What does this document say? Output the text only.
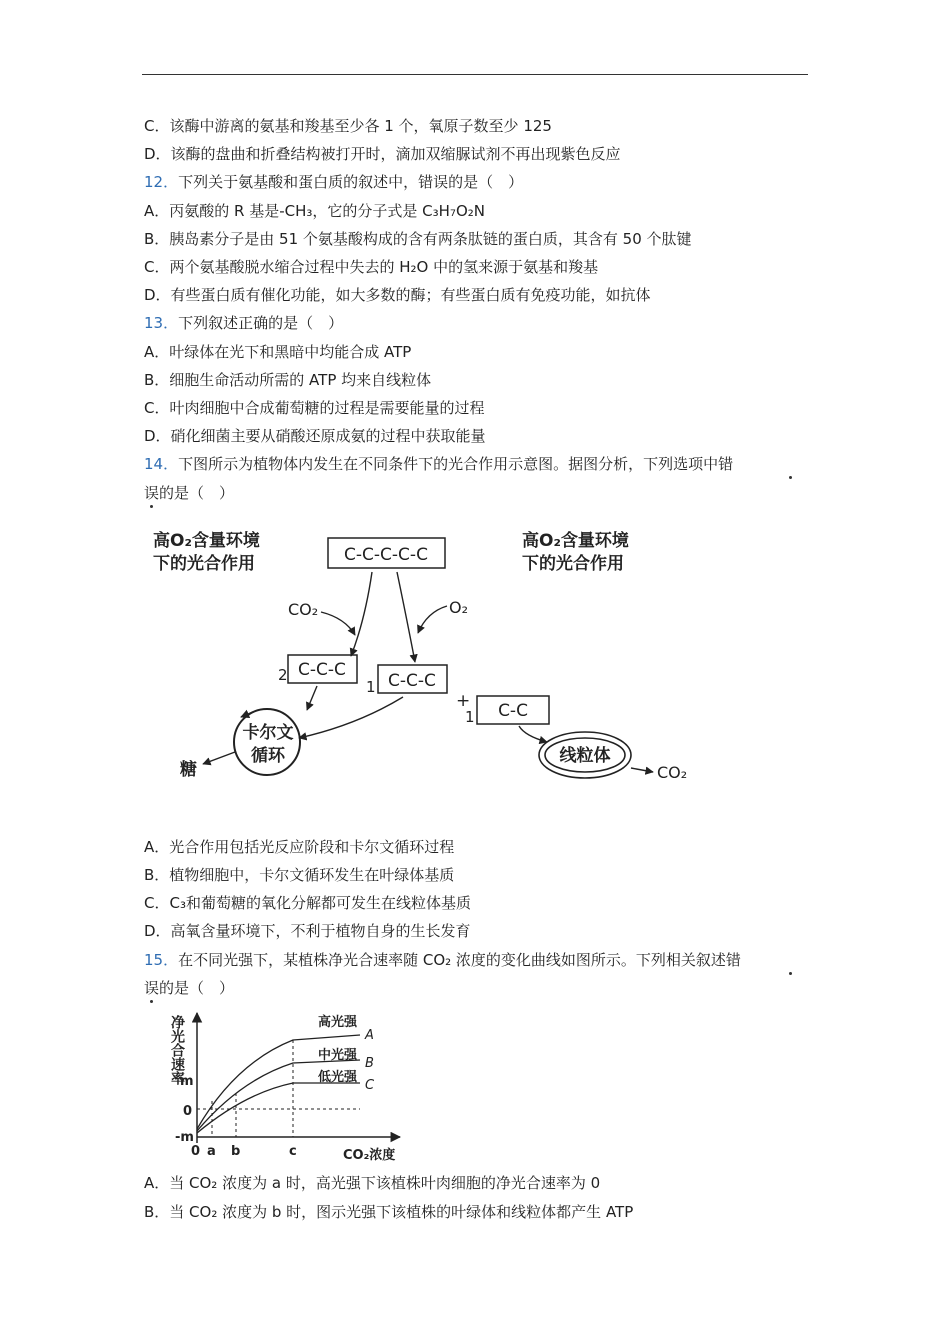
C．该酶中游离的氨基和羧基至少各 1 个，氧原子数至少 125
D．该酶的盘曲和折叠结构被打开时，滴加双缩脲试剂不再出现紫色反应
12．下列关于氨基酸和蛋白质的叙述中，错误的是（　）
A．丙氨酸的 R 基是-CH₃，它的分子式是 C₃H₇O₂N
B．胰岛素分子是由 51 个氨基酸构成的含有两条肽链的蛋白质，其含有 50 个肽键
C．两个氨基酸脱水缩合过程中失去的 H₂O 中的氢来源于氨基和羧基
D．有些蛋白质有催化功能，如大多数的酶；有些蛋白质有免疫功能，如抗体
13．下列叙述正确的是（　）
A．叶绿体在光下和黑暗中均能合成 ATP
B．细胞生命活动所需的 ATP 均来自线粒体
C．叶肉细胞中合成葡萄糖的过程是需要能量的过程
D．硝化细菌主要从硝酸还原成氨的过程中获取能量
14．下图所示为植物体内发生在不同条件下的光合作用示意图。据图分析，下列选项中错
误的是（　）
高O₂含量环境
下的光合作用
高O₂含量环境
下的光合作用
C-C-C-C-C
CO₂	O₂
2 C-C-C
1 C-C-C
+
1 C-C
卡尔文
循环
糖
线粒体
CO₂
A．光合作用包括光反应阶段和卡尔文循环过程
B．植物细胞中，卡尔文循环发生在叶绿体基质
C．C₃和葡萄糖的氧化分解都可发生在线粒体基质
D．高氧含量环境下，不利于植物自身的生长发育
15．在不同光强下，某植株净光合速率随 CO₂ 浓度的变化曲线如图所示。下列相关叙述错
误的是（　）
净光合速率
m
0
-m
0 a b	c	CO₂浓度
高光强
A
中光强
B
低光强
C
A．当 CO₂ 浓度为 a 时，高光强下该植株叶肉细胞的净光合速率为 0
B．当 CO₂ 浓度为 b 时，图示光强下该植株的叶绿体和线粒体都产生 ATP
